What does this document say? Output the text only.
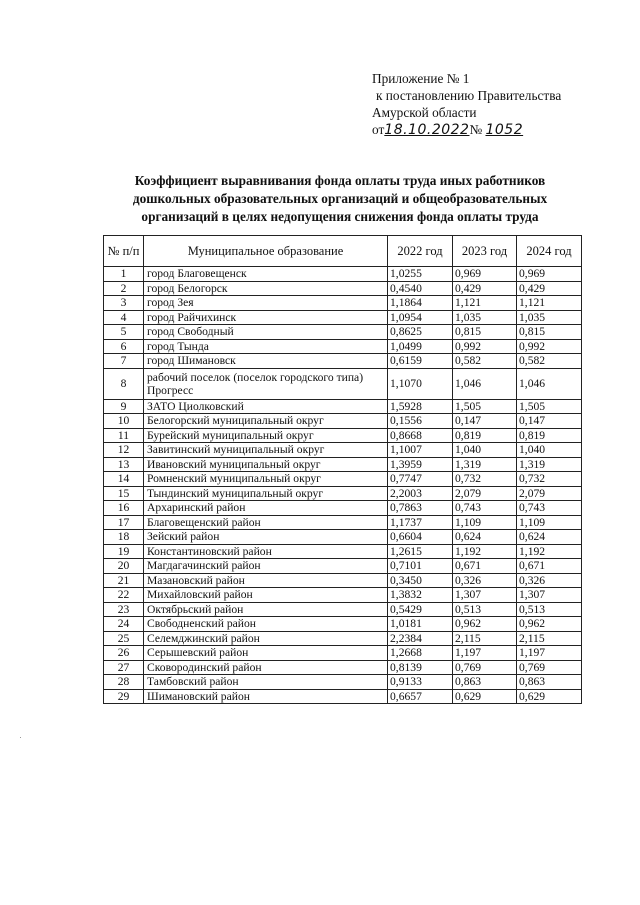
Приложение № 1
к постановлению Правительства
Амурской области
от18.10.2022№ 1052
Коэффициент выравнивания фонда оплаты труда иных работников дошкольных образовательных организаций и общеобразовательных организаций в целях недопущения снижения фонда оплаты труда
№ п/п	Муниципальное образование	2022 год	2023 год	2024 год
1	город Благовещенск	1,0255	0,969	0,969
2	город Белогорск	0,4540	0,429	0,429
3	город Зея	1,1864	1,121	1,121
4	город Райчихинск	1,0954	1,035	1,035
5	город Свободный	0,8625	0,815	0,815
6	город Тында	1,0499	0,992	0,992
7	город Шимановск	0,6159	0,582	0,582
8	рабочий поселок (поселок городского типа) Прогресс	1,1070	1,046	1,046
9	ЗАТО Циолковский	1,5928	1,505	1,505
10	Белогорский муниципальный округ	0,1556	0,147	0,147
11	Бурейский муниципальный округ	0,8668	0,819	0,819
12	Завитинский муниципальный округ	1,1007	1,040	1,040
13	Ивановский муниципальный округ	1,3959	1,319	1,319
14	Ромненский муниципальный округ	0,7747	0,732	0,732
15	Тындинский муниципальный округ	2,2003	2,079	2,079
16	Архаринский район	0,7863	0,743	0,743
17	Благовещенский район	1,1737	1,109	1,109
18	Зейский район	0,6604	0,624	0,624
19	Константиновский район	1,2615	1,192	1,192
20	Магдагачинский район	0,7101	0,671	0,671
21	Мазановский район	0,3450	0,326	0,326
22	Михайловский район	1,3832	1,307	1,307
23	Октябрьский район	0,5429	0,513	0,513
24	Свободненский район	1,0181	0,962	0,962
25	Селемджинский район	2,2384	2,115	2,115
26	Серышевский район	1,2668	1,197	1,197
27	Сковородинский район	0,8139	0,769	0,769
28	Тамбовский район	0,9133	0,863	0,863
29	Шимановский район	0,6657	0,629	0,629
